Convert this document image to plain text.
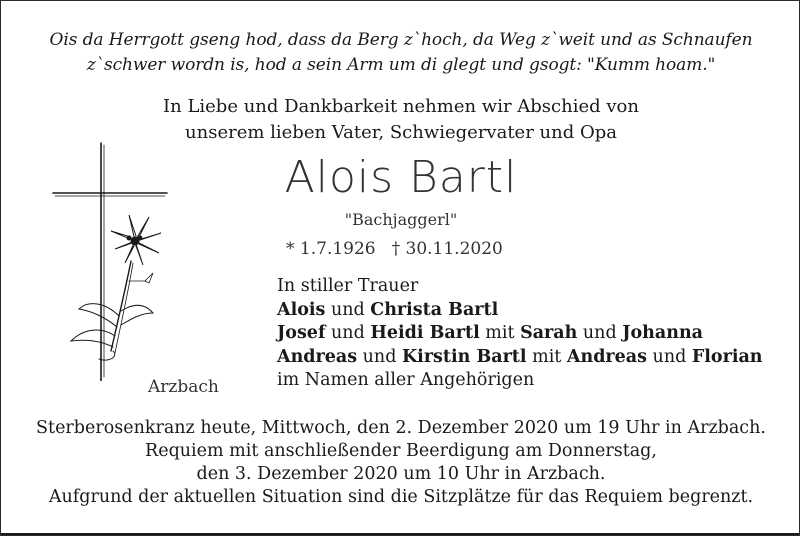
Ois da Herrgott gseng hod, dass da Berg z`hoch, da Weg z`weit und as Schnaufen
z`schwer wordn is, hod a sein Arm um di glegt und gsogt: "Kumm hoam."
In Liebe und Dankbarkeit nehmen wir Abschied von
unserem lieben Vater, Schwiegervater und Opa
Alois Bartl
"Bachjaggerl"
* 1.7.1926 † 30.11.2020
In stiller Trauer
Alois und Christa Bartl
Josef und Heidi Bartl mit Sarah und Johanna
Andreas und Kirstin Bartl mit Andreas und Florian
im Namen aller Angehörigen
Arzbach
Sterberosenkranz heute, Mittwoch, den 2. Dezember 2020 um 19 Uhr in Arzbach.
Requiem mit anschließender Beerdigung am Donnerstag,
den 3. Dezember 2020 um 10 Uhr in Arzbach.
Aufgrund der aktuellen Situation sind die Sitzplätze für das Requiem begrenzt.
